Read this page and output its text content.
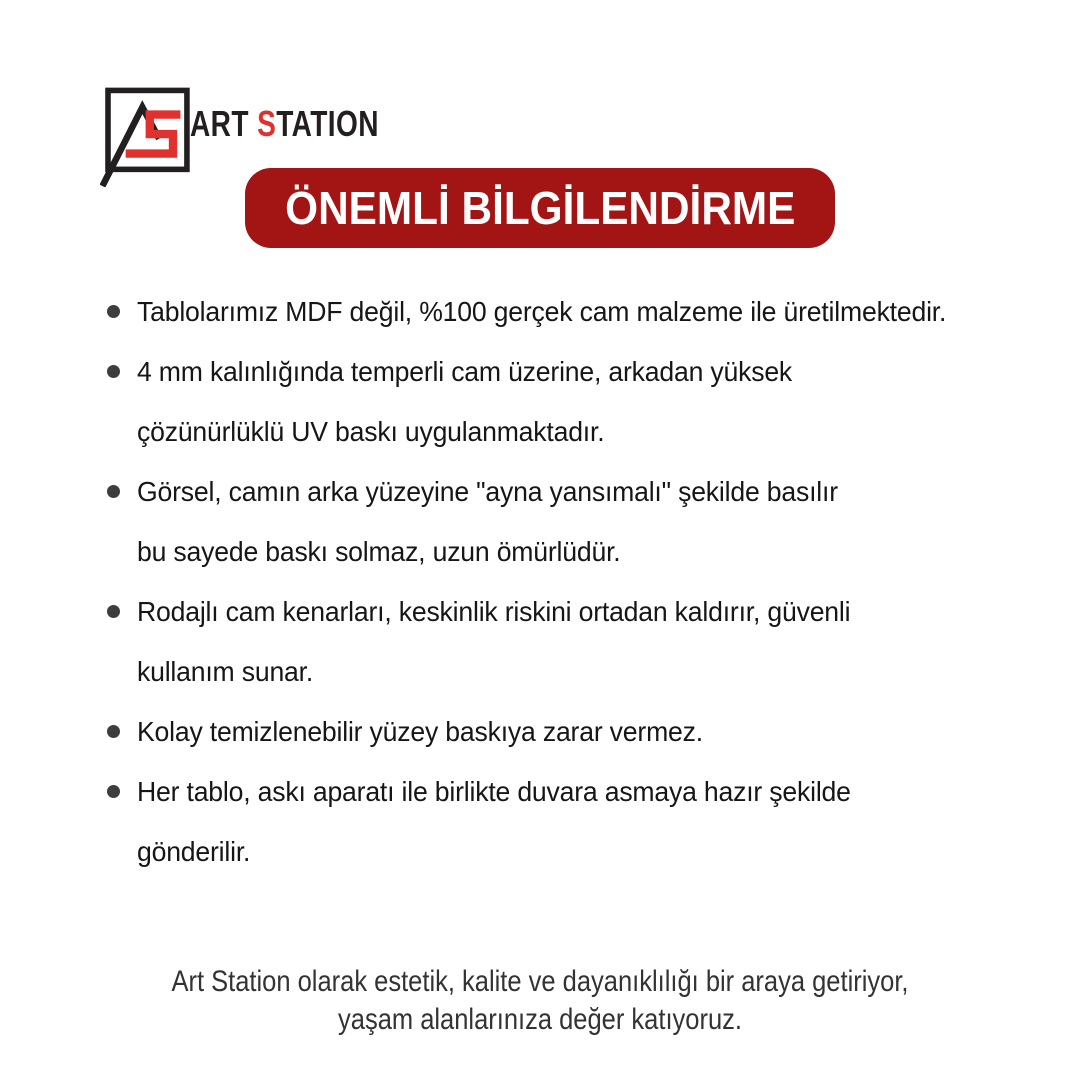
ART STATION
ÖNEMLİ BİLGİLENDİRME
Tablolarımız MDF değil, %100 gerçek cam malzeme ile üretilmektedir.
4 mm kalınlığında temperli cam üzerine, arkadan yüksek
çözünürlüklü UV baskı uygulanmaktadır.
Görsel, camın arka yüzeyine "ayna yansımalı" şekilde basılır
bu sayede baskı solmaz, uzun ömürlüdür.
Rodajlı cam kenarları, keskinlik riskini ortadan kaldırır, güvenli
kullanım sunar.
Kolay temizlenebilir yüzey baskıya zarar vermez.
Her tablo, askı aparatı ile birlikte duvara asmaya hazır şekilde
gönderilir.
Art Station olarak estetik, kalite ve dayanıklılığı bir araya getiriyor,
yaşam alanlarınıza değer katıyoruz.
